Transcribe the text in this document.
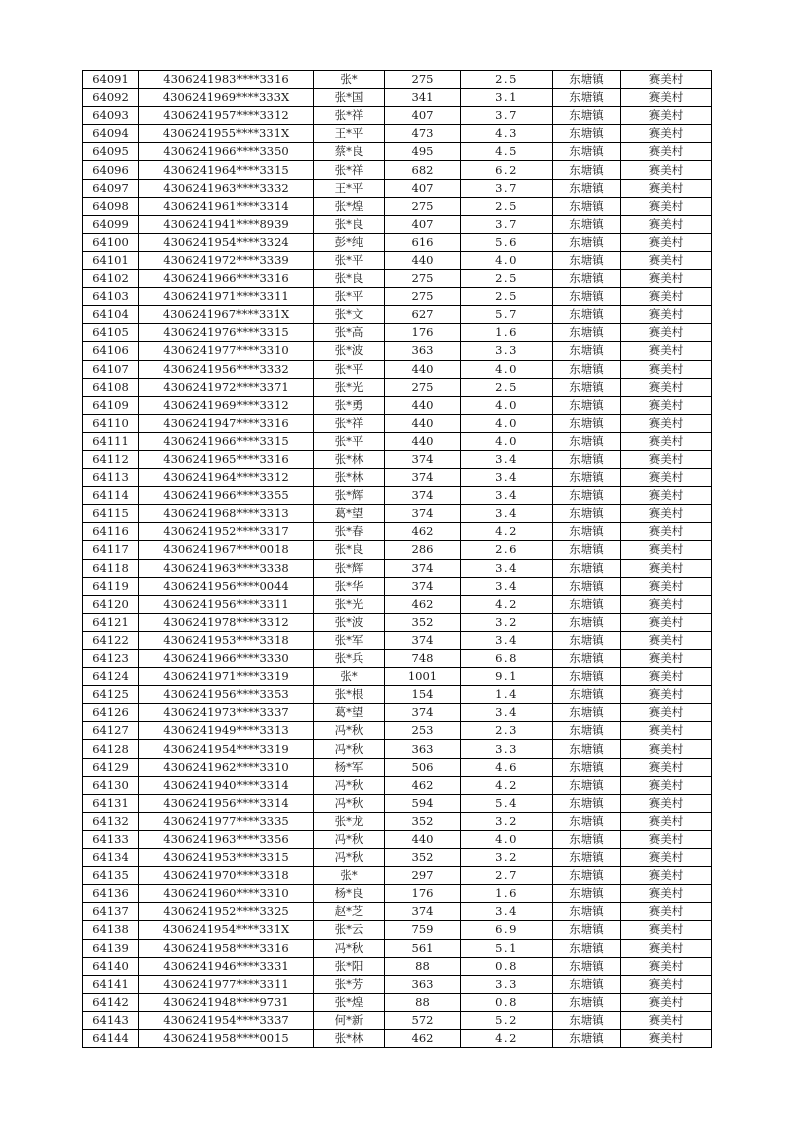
64091	4306241983****3316	张*	275	2.5	东塘镇	赛美村
64092	4306241969****333X	张*国	341	3.1	东塘镇	赛美村
64093	4306241957****3312	张*祥	407	3.7	东塘镇	赛美村
64094	4306241955****331X	王*平	473	4.3	东塘镇	赛美村
64095	4306241966****3350	蔡*良	495	4.5	东塘镇	赛美村
64096	4306241964****3315	张*祥	682	6.2	东塘镇	赛美村
64097	4306241963****3332	王*平	407	3.7	东塘镇	赛美村
64098	4306241961****3314	张*煌	275	2.5	东塘镇	赛美村
64099	4306241941****8939	张*良	407	3.7	东塘镇	赛美村
64100	4306241954****3324	彭*纯	616	5.6	东塘镇	赛美村
64101	4306241972****3339	张*平	440	4.0	东塘镇	赛美村
64102	4306241966****3316	张*良	275	2.5	东塘镇	赛美村
64103	4306241971****3311	张*平	275	2.5	东塘镇	赛美村
64104	4306241967****331X	张*文	627	5.7	东塘镇	赛美村
64105	4306241976****3315	张*高	176	1.6	东塘镇	赛美村
64106	4306241977****3310	张*波	363	3.3	东塘镇	赛美村
64107	4306241956****3332	张*平	440	4.0	东塘镇	赛美村
64108	4306241972****3371	张*光	275	2.5	东塘镇	赛美村
64109	4306241969****3312	张*勇	440	4.0	东塘镇	赛美村
64110	4306241947****3316	张*祥	440	4.0	东塘镇	赛美村
64111	4306241966****3315	张*平	440	4.0	东塘镇	赛美村
64112	4306241965****3316	张*林	374	3.4	东塘镇	赛美村
64113	4306241964****3312	张*林	374	3.4	东塘镇	赛美村
64114	4306241966****3355	张*辉	374	3.4	东塘镇	赛美村
64115	4306241968****3313	葛*望	374	3.4	东塘镇	赛美村
64116	4306241952****3317	张*春	462	4.2	东塘镇	赛美村
64117	4306241967****0018	张*良	286	2.6	东塘镇	赛美村
64118	4306241963****3338	张*辉	374	3.4	东塘镇	赛美村
64119	4306241956****0044	张*华	374	3.4	东塘镇	赛美村
64120	4306241956****3311	张*光	462	4.2	东塘镇	赛美村
64121	4306241978****3312	张*波	352	3.2	东塘镇	赛美村
64122	4306241953****3318	张*军	374	3.4	东塘镇	赛美村
64123	4306241966****3330	张*兵	748	6.8	东塘镇	赛美村
64124	4306241971****3319	张*	1001	9.1	东塘镇	赛美村
64125	4306241956****3353	张*根	154	1.4	东塘镇	赛美村
64126	4306241973****3337	葛*望	374	3.4	东塘镇	赛美村
64127	4306241949****3313	冯*秋	253	2.3	东塘镇	赛美村
64128	4306241954****3319	冯*秋	363	3.3	东塘镇	赛美村
64129	4306241962****3310	杨*军	506	4.6	东塘镇	赛美村
64130	4306241940****3314	冯*秋	462	4.2	东塘镇	赛美村
64131	4306241956****3314	冯*秋	594	5.4	东塘镇	赛美村
64132	4306241977****3335	张*龙	352	3.2	东塘镇	赛美村
64133	4306241963****3356	冯*秋	440	4.0	东塘镇	赛美村
64134	4306241953****3315	冯*秋	352	3.2	东塘镇	赛美村
64135	4306241970****3318	张*	297	2.7	东塘镇	赛美村
64136	4306241960****3310	杨*良	176	1.6	东塘镇	赛美村
64137	4306241952****3325	赵*芝	374	3.4	东塘镇	赛美村
64138	4306241954****331X	张*云	759	6.9	东塘镇	赛美村
64139	4306241958****3316	冯*秋	561	5.1	东塘镇	赛美村
64140	4306241946****3331	张*阳	88	0.8	东塘镇	赛美村
64141	4306241977****3311	张*芳	363	3.3	东塘镇	赛美村
64142	4306241948****9731	张*煌	88	0.8	东塘镇	赛美村
64143	4306241954****3337	何*新	572	5.2	东塘镇	赛美村
64144	4306241958****0015	张*林	462	4.2	东塘镇	赛美村
